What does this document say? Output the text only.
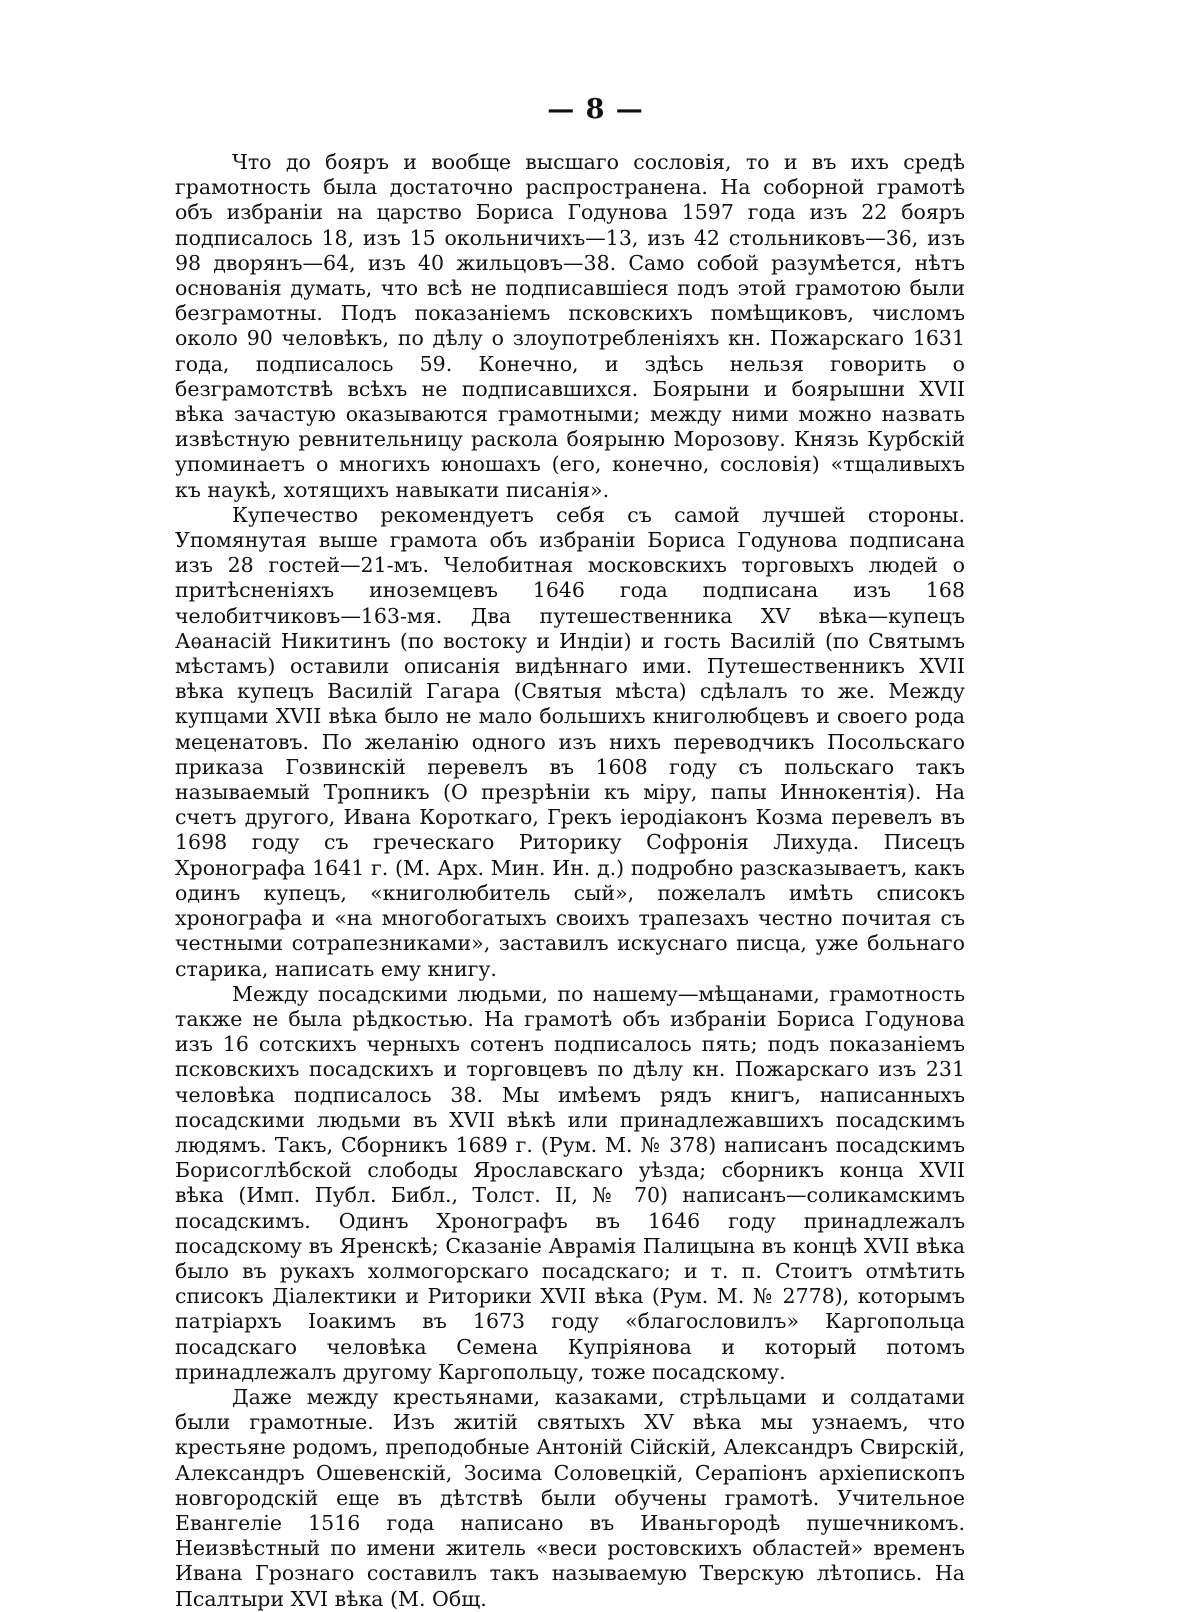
— 8 —

Что до бояръ и вообще высшаго сословія, то и въ ихъ средѣ грамотность была достаточно распространена. На соборной грамотѣ объ избраніи на царство Бориса Годунова 1597 года изъ 22 бояръ подписалось 18, изъ 15 окольничихъ—13, изъ 42 стольниковъ—36, изъ 98 дворянъ—64, изъ 40 жильцовъ—38. Само собой разумѣется, нѣтъ основанія думать, что всѣ не подписавшіеся подъ этой грамотою были безграмотны. Подъ показаніемъ псковскихъ помѣщиковъ, числомъ около 90 человѣкъ, по дѣлу о злоупотребленіяхъ кн. Пожарскаго 1631 года, подписалось 59. Конечно, и здѣсь нельзя говорить о безграмотствѣ всѣхъ не подписавшихся. Боярыни и боярышни XVII вѣка зачастую оказываются грамотными; между ними можно назвать извѣстную ревнительницу раскола боярыню Морозову. Князь Курбскій упоминаетъ о многихъ юношахъ (его, конечно, сословія) «тщаливыхъ къ наукѣ, хотящихъ навыкати писанія».

Купечество рекомендуетъ себя съ самой лучшей стороны. Упомянутая выше грамота объ избраніи Бориса Годунова подписана изъ 28 гостей—21-мъ. Челобитная московскихъ торговыхъ людей о притѣсненіяхъ иноземцевъ 1646 года подписана изъ 168 челобитчиковъ—163-мя. Два путешественника XV вѣка—купецъ Аѳанасій Никитинъ (по востоку и Индіи) и гость Василій (по Святымъ мѣстамъ) оставили описанія видѣннаго ими. Путешественникъ XVII вѣка купецъ Василій Гагара (Святыя мѣста) сдѣлалъ то же. Между купцами XVII вѣка было не мало большихъ книголюбцевъ и своего рода меценатовъ. По желанію одного изъ нихъ переводчикъ Посольскаго приказа Гозвинскій перевелъ въ 1608 году съ польскаго такъ называемый Тропникъ (О презрѣніи къ міру, папы Иннокентія). На счетъ другого, Ивана Короткаго, Грекъ іеродіаконъ Козма перевелъ въ 1698 году съ греческаго Риторику Софронія Лихуда. Писецъ Хронографа 1641 г. (М. Арх. Мин. Ин. д.) подробно разсказываетъ, какъ одинъ купецъ, «книголюбитель сый», пожелалъ имѣть списокъ хронографа и «на многобогатыхъ своихъ трапезахъ честно почитая съ честными сотрапезниками», заставилъ искуснаго писца, уже больнаго старика, написать ему книгу.

Между посадскими людьми, по нашему—мѣщанами, грамотность также не была рѣдкостью. На грамотѣ объ избраніи Бориса Годунова изъ 16 сотскихъ черныхъ сотенъ подписалось пять; подъ показаніемъ псковскихъ посадскихъ и торговцевъ по дѣлу кн. Пожарскаго изъ 231 человѣка подписалось 38. Мы имѣемъ рядъ книгъ, написанныхъ посадскими людьми въ XVII вѣкѣ или принадлежавшихъ посадскимъ людямъ. Такъ, Сборникъ 1689 г. (Рум. М. № 378) написанъ посадскимъ Борисоглѣбской слободы Ярославскаго уѣзда; сборникъ конца XVII вѣка (Имп. Публ. Библ., Толст. II, № 70) написанъ—соликамскимъ посадскимъ. Одинъ Хронографъ въ 1646 году принадлежалъ посадскому въ Яренскѣ; Сказаніе Аврамія Палицына въ концѣ XVII вѣка было въ рукахъ холмогорскаго посадскаго; и т. п. Стоитъ отмѣтить списокъ Діалектики и Риторики XVII вѣка (Рум. М. № 2778), которымъ патріархъ Іоакимъ въ 1673 году «благословилъ» Каргопольца посадскаго человѣка Семена Купріянова и который потомъ принадлежалъ другому Каргопольцу, тоже посадскому.

Даже между крестьянами, казаками, стрѣльцами и солдатами были грамотные. Изъ житій святыхъ XV вѣка мы узнаемъ, что крестьяне родомъ, преподобные Антоній Сійскій, Александръ Свирскій, Александръ Ошевенскій, Зосима Соловецкій, Серапіонъ архіепископъ новгородскій еще въ дѣтствѣ были обучены грамотѣ. Учительное Евангеліе 1516 года написано въ Иваньгородѣ пушечникомъ. Неизвѣстный по имени житель «веси ростовскихъ областей» временъ Ивана Грознаго составилъ такъ называемую Тверскую лѣтопись. На Псалтыри XVI вѣка (М. Общ.
